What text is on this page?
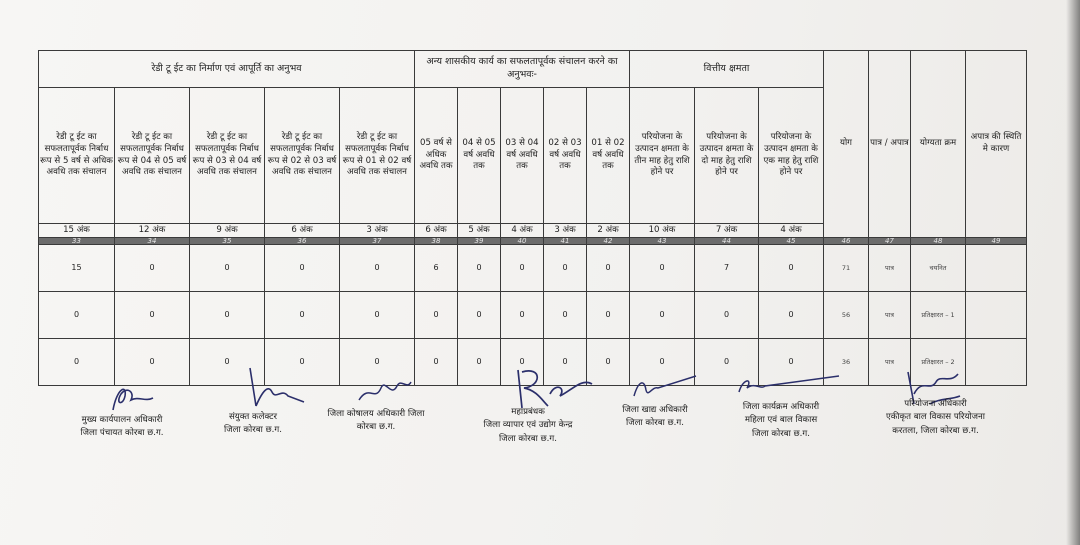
रेडी टू ईट का निर्माण एवं आपूर्ति का अनुभव					अन्य शासकीय कार्य का सफलतापूर्वक संचालन करने का अनुभवः-					वित्तीय क्षमता			योग	पात्र / अपात्र	योग्यता क्रम	अपात्र की स्थिति मे कारण
रेडी टू ईट का सफलतापूर्वक निर्बाध रूप से 5 वर्ष से अधिक अवधि तक संचालन	रेडी टू ईट का सफलतापूर्वक निर्बाध रूप से 04 से 05 वर्ष अवधि तक संचालन	रेडी टू ईट का सफलतापूर्वक निर्बाध रूप से 03 से 04 वर्ष अवधि तक संचालन	रेडी टू ईट का सफलतापूर्वक निर्बाध रूप से 02 से 03 वर्ष अवधि तक संचालन	रेडी टू ईट का सफलतापूर्वक निर्बाध रूप से 01 से 02 वर्ष अवधि तक संचालन	05 वर्ष से अधिक अवधि तक	04 से 05 वर्ष अवधि तक	03 से 04 वर्ष अवधि तक	02 से 03 वर्ष अवधि तक	01 से 02 वर्ष अवधि तक	परियोजना के उत्पादन क्षमता के तीन माह हेतु राशि होने पर	परियोजना के उत्पादन क्षमता के दो माह हेतु राशि होने पर	परियोजना के उत्पादन क्षमता के एक माह हेतु राशि होने पर				
15 अंक	12 अंक	9 अंक	6 अंक	3 अंक	6 अंक	5 अंक	4 अंक	3 अंक	2 अंक	10 अंक	7 अंक	4 अंक				
33	34	35	36	37	38	39	40	41	42	43	44	45	46	47	48	49
15	0	0	0	0	6	0	0	0	0	0	7	0	71	पात्र	चयनित	
0	0	0	0	0	0	0	0	0	0	0	0	0	56	पात्र	प्रतिक्षारत – 1	
0	0	0	0	0	0	0	0	0	0	0	0	0	36	पात्र	प्रतिक्षारत – 2	
मुख्य कार्यपालन अधिकारी
जिला पंचायत कोरबा छ.ग.
संयुक्त कलेक्टर
जिला कोरबा छ.ग.
जिला कोषालय अधिकारी जिला
कोरबा छ.ग.
महाप्रबंधक
जिला व्यापार एवं उद्योग केन्द्र
जिला कोरबा छ.ग.
जिला खाद्य अधिकारी
जिला कोरबा छ.ग.
जिला कार्यक्रम अधिकारी
महिला एवं बाल विकास
जिला कोरबा छ.ग.
परियोजना अधिकारी
एकीकृत बाल विकास परियोजना
करतला, जिला कोरबा छ.ग.
